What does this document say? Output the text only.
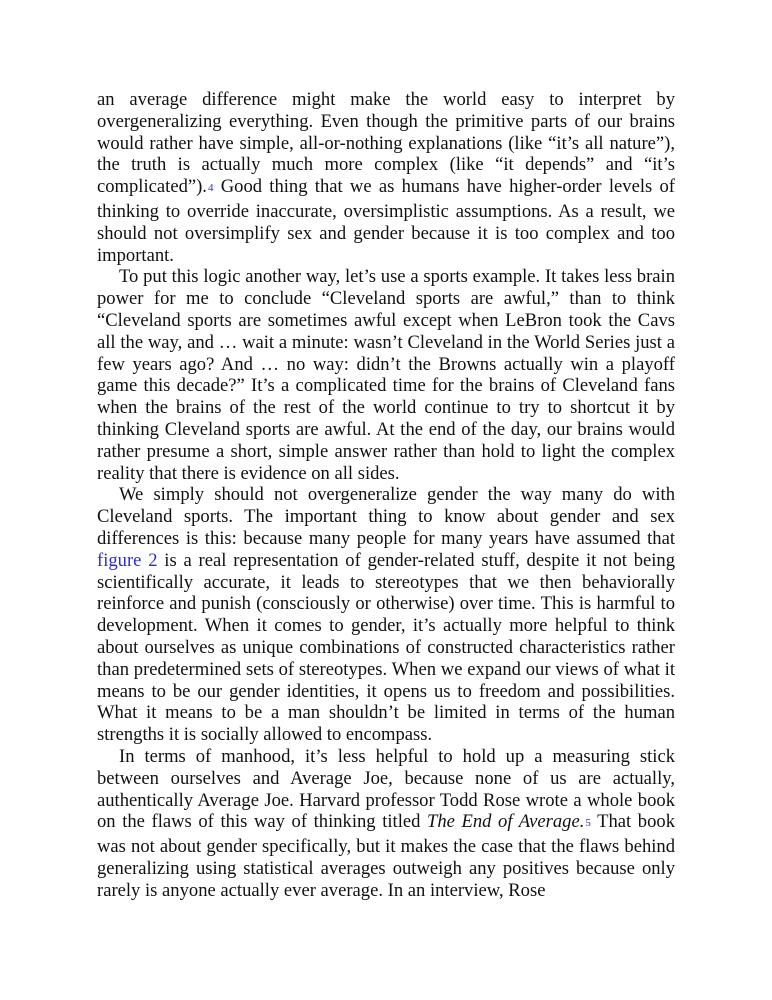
an average difference might make the world easy to interpret by overgeneralizing everything. Even though the primitive parts of our brains would rather have simple, all-or-nothing explanations (like “it’s all nature”), the truth is actually much more complex (like “it depends” and “it’s complicated”).4 Good thing that we as humans have higher-order levels of thinking to override inaccurate, oversimplistic assumptions. As a result, we should not oversimplify sex and gender because it is too complex and too important.

To put this logic another way, let’s use a sports example. It takes less brain power for me to conclude “Cleveland sports are awful,” than to think “Cleveland sports are sometimes awful except when LeBron took the Cavs all the way, and … wait a minute: wasn’t Cleveland in the World Series just a few years ago? And … no way: didn’t the Browns actually win a playoff game this decade?” It’s a complicated time for the brains of Cleveland fans when the brains of the rest of the world continue to try to shortcut it by thinking Cleveland sports are awful. At the end of the day, our brains would rather presume a short, simple answer rather than hold to light the complex reality that there is evidence on all sides.

We simply should not overgeneralize gender the way many do with Cleveland sports. The important thing to know about gender and sex differences is this: because many people for many years have assumed that figure 2 is a real representation of gender-related stuff, despite it not being scientifically accurate, it leads to stereotypes that we then behaviorally reinforce and punish (consciously or otherwise) over time. This is harmful to development. When it comes to gender, it’s actually more helpful to think about ourselves as unique combinations of constructed characteristics rather than predetermined sets of stereotypes. When we expand our views of what it means to be our gender identities, it opens us to freedom and possibilities. What it means to be a man shouldn’t be limited in terms of the human strengths it is socially allowed to encompass.

In terms of manhood, it’s less helpful to hold up a measuring stick between ourselves and Average Joe, because none of us are actually, authentically Average Joe. Harvard professor Todd Rose wrote a whole book on the flaws of this way of thinking titled The End of Average.5 That book was not about gender specifically, but it makes the case that the flaws behind generalizing using statistical averages outweigh any positives because only rarely is anyone actually ever average. In an interview, Rose
